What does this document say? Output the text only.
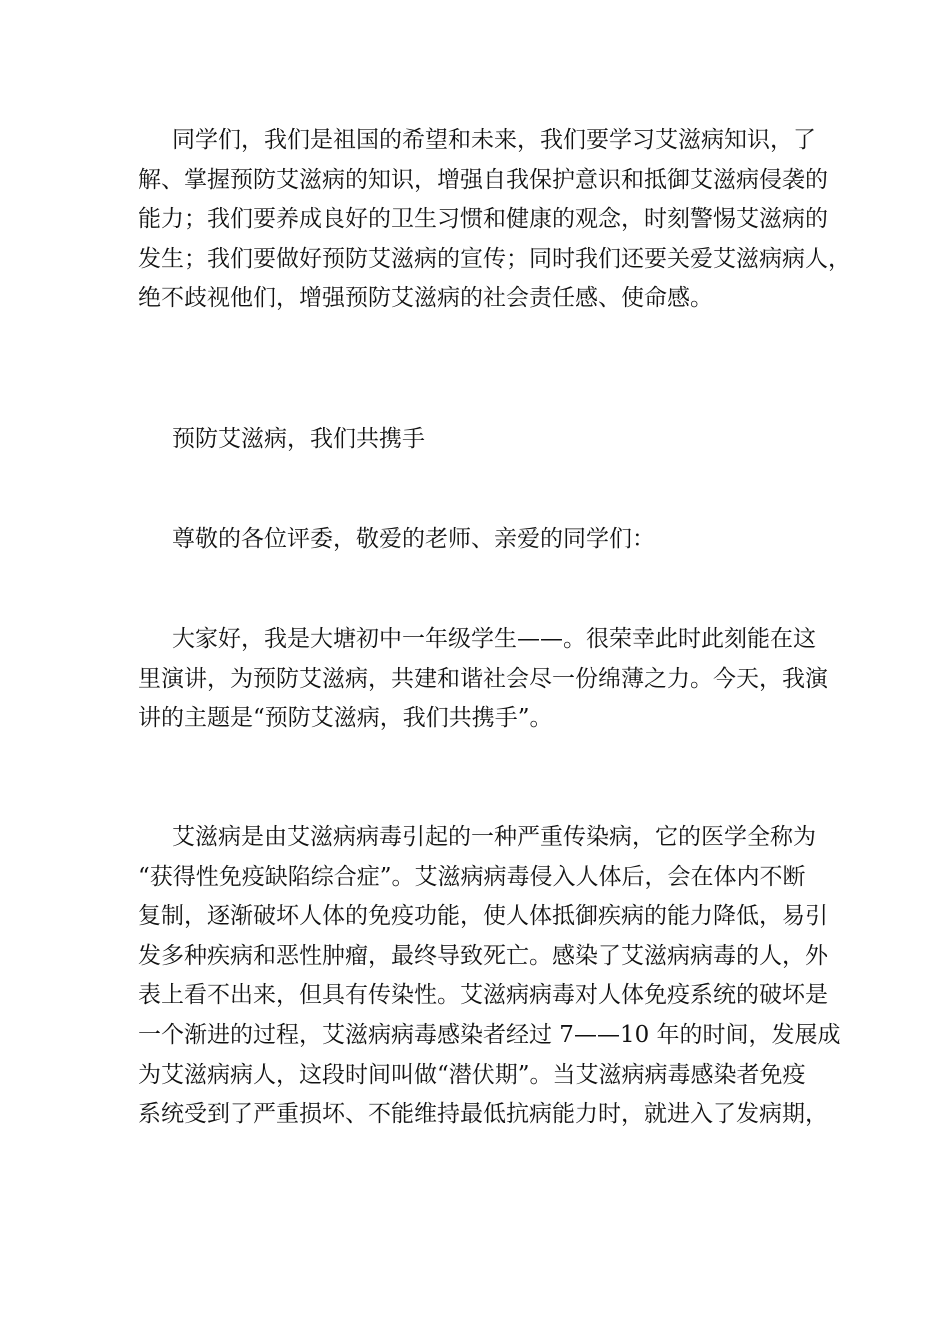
同学们，我们是祖国的希望和未来，我们要学习艾滋病知识，了
解、掌握预防艾滋病的知识，增强自我保护意识和抵御艾滋病侵袭的
能力；我们要养成良好的卫生习惯和健康的观念，时刻警惕艾滋病的
发生；我们要做好预防艾滋病的宣传；同时我们还要关爱艾滋病病人，
绝不歧视他们，增强预防艾滋病的社会责任感、使命感。
预防艾滋病，我们共携手
尊敬的各位评委，敬爱的老师、亲爱的同学们：
大家好，我是大塘初中一年级学生——。很荣幸此时此刻能在这
里演讲，为预防艾滋病，共建和谐社会尽一份绵薄之力。今天，我演
讲的主题是“预防艾滋病，我们共携手”。
艾滋病是由艾滋病病毒引起的一种严重传染病，它的医学全称为
“获得性免疫缺陷综合症”。艾滋病病毒侵入人体后，会在体内不断
复制，逐渐破坏人体的免疫功能，使人体抵御疾病的能力降低，易引
发多种疾病和恶性肿瘤，最终导致死亡。感染了艾滋病病毒的人，外
表上看不出来，但具有传染性。艾滋病病毒对人体免疫系统的破坏是
一个渐进的过程，艾滋病病毒感染者经过 7——10 年的时间，发展成
为艾滋病病人，这段时间叫做“潜伏期”。当艾滋病病毒感染者免疫
系统受到了严重损坏、不能维持最低抗病能力时，就进入了发病期，
